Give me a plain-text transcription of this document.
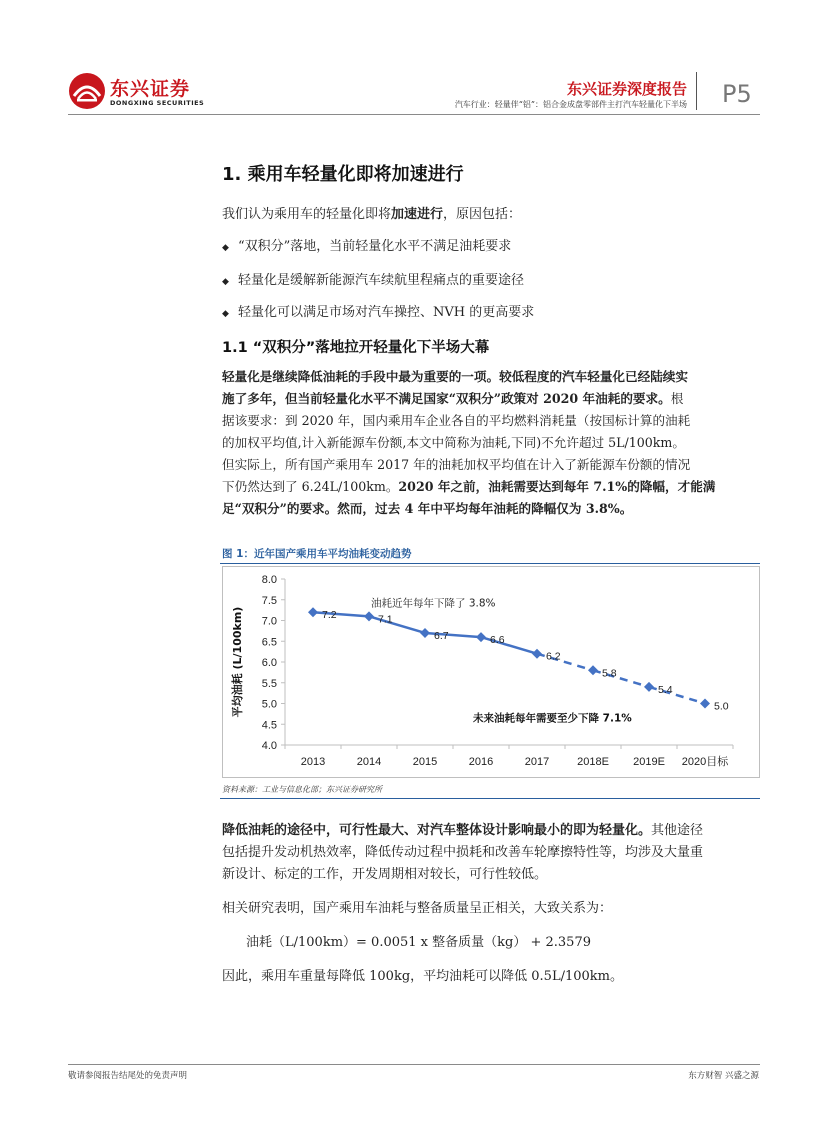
东兴证券
DONGXING SECURITIES
东兴证券深度报告
汽车行业：轻量伴“铝”：铝合金成盘零部件主打汽车轻量化下半场 P5
1. 乘用车轻量化即将加速进行
我们认为乘用车的轻量化即将加速进行，原因包括：
◆ “双积分”落地，当前轻量化水平不满足油耗要求
◆ 轻量化是缓解新能源汽车续航里程痛点的重要途径
◆ 轻量化可以满足市场对汽车操控、NVH 的更高要求
1.1 “双积分”落地拉开轻量化下半场大幕
轻量化是继续降低油耗的手段中最为重要的一项。较低程度的汽车轻量化已经陆续实
施了多年，但当前轻量化水平不满足国家“双积分”政策对 2020 年油耗的要求。根
据该要求：到 2020 年，国内乘用车企业各自的平均燃料消耗量（按国标计算的油耗
的加权平均值,计入新能源车份额,本文中简称为油耗,下同)不允许超过 5L/100km。
但实际上，所有国产乘用车 2017 年的油耗加权平均值在计入了新能源车份额的情况
下仍然达到了 6.24L/100km。2020 年之前，油耗需要达到每年 7.1%的降幅，才能满
足“双积分”的要求。然而，过去 4 年中平均每年油耗的降幅仅为 3.8%。
图 1：近年国产乘用车平均油耗变动趋势
4.0
4.5
5.0
5.5
6.0
6.5
7.0
7.5
8.0
2013	2014	2015	2016	2017	2018E 2019E 2020目标
平均油耗 (L/100km)	7.2	7.1
6.7	6.6
6.2
5.8
5.4
5.0
油耗近年每年下降了 3.8%
未来油耗每年需要至少下降 7.1%
资料来源：工业与信息化部；东兴证券研究所
降低油耗的途径中，可行性最大、对汽车整体设计影响最小的即为轻量化。其他途径
包括提升发动机热效率，降低传动过程中损耗和改善车轮摩擦特性等，均涉及大量重
新设计、标定的工作，开发周期相对较长，可行性较低。
相关研究表明，国产乘用车油耗与整备质量呈正相关，大致关系为：
油耗（L/100km）= 0.0051 x 整备质量（kg） + 2.3579
因此，乘用车重量每降低 100kg，平均油耗可以降低 0.5L/100km。
敬请参阅报告结尾处的免责声明	东方财智 兴盛之源
